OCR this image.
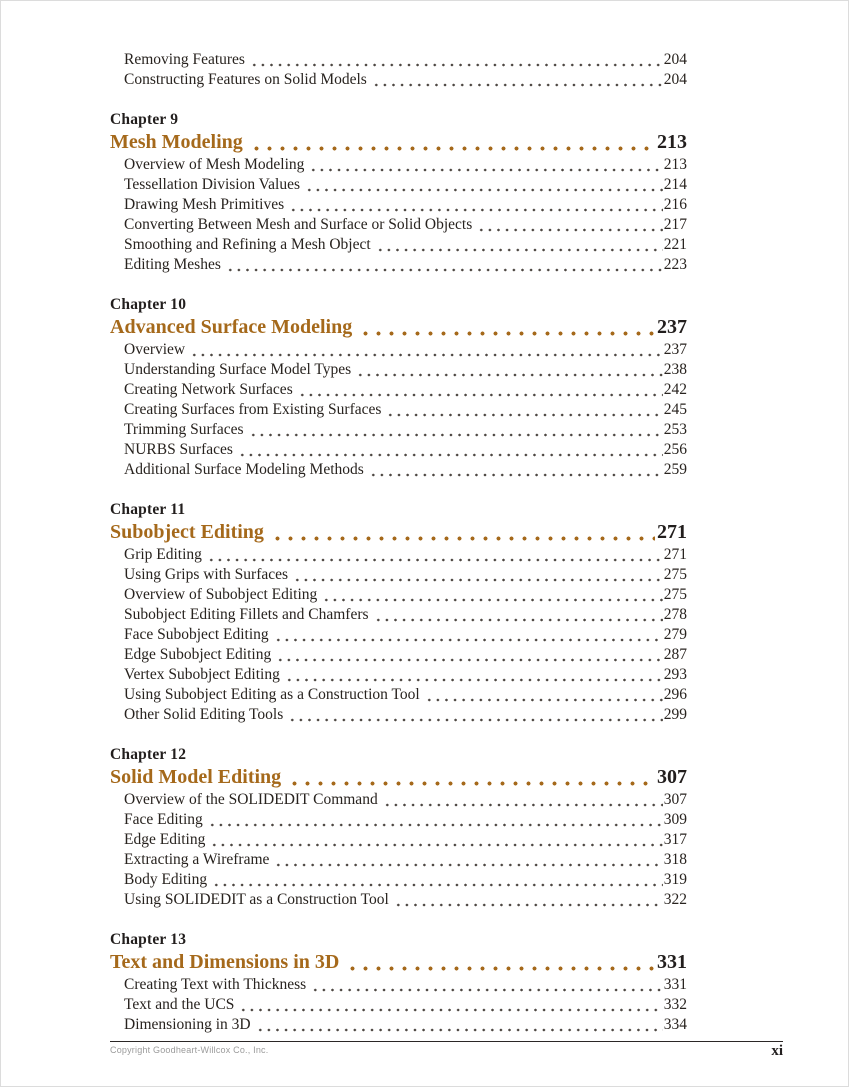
Removing Features	204
Constructing Features on Solid Models	204
Chapter 9
Mesh Modeling	213
Overview of Mesh Modeling	213
Tessellation Division Values	214
Drawing Mesh Primitives	216
Converting Between Mesh and Surface or Solid Objects	217
Smoothing and Refining a Mesh Object	221
Editing Meshes	223
Chapter 10
Advanced Surface Modeling	237
Overview	237
Understanding Surface Model Types	238
Creating Network Surfaces	242
Creating Surfaces from Existing Surfaces	245
Trimming Surfaces	253
NURBS Surfaces	256
Additional Surface Modeling Methods	259
Chapter 11
Subobject Editing	271
Grip Editing	271
Using Grips with Surfaces	275
Overview of Subobject Editing	275
Subobject Editing Fillets and Chamfers	278
Face Subobject Editing	279
Edge Subobject Editing	287
Vertex Subobject Editing	293
Using Subobject Editing as a Construction Tool	296
Other Solid Editing Tools	299
Chapter 12
Solid Model Editing	307
Overview of the SOLIDEDIT Command	307
Face Editing	309
Edge Editing	317
Extracting a Wireframe	318
Body Editing	319
Using SOLIDEDIT as a Construction Tool	322
Chapter 13
Text and Dimensions in 3D	331
Creating Text with Thickness	331
Text and the UCS	332
Dimensioning in 3D	334
Copyright Goodheart-Willcox Co., Inc.	xi
